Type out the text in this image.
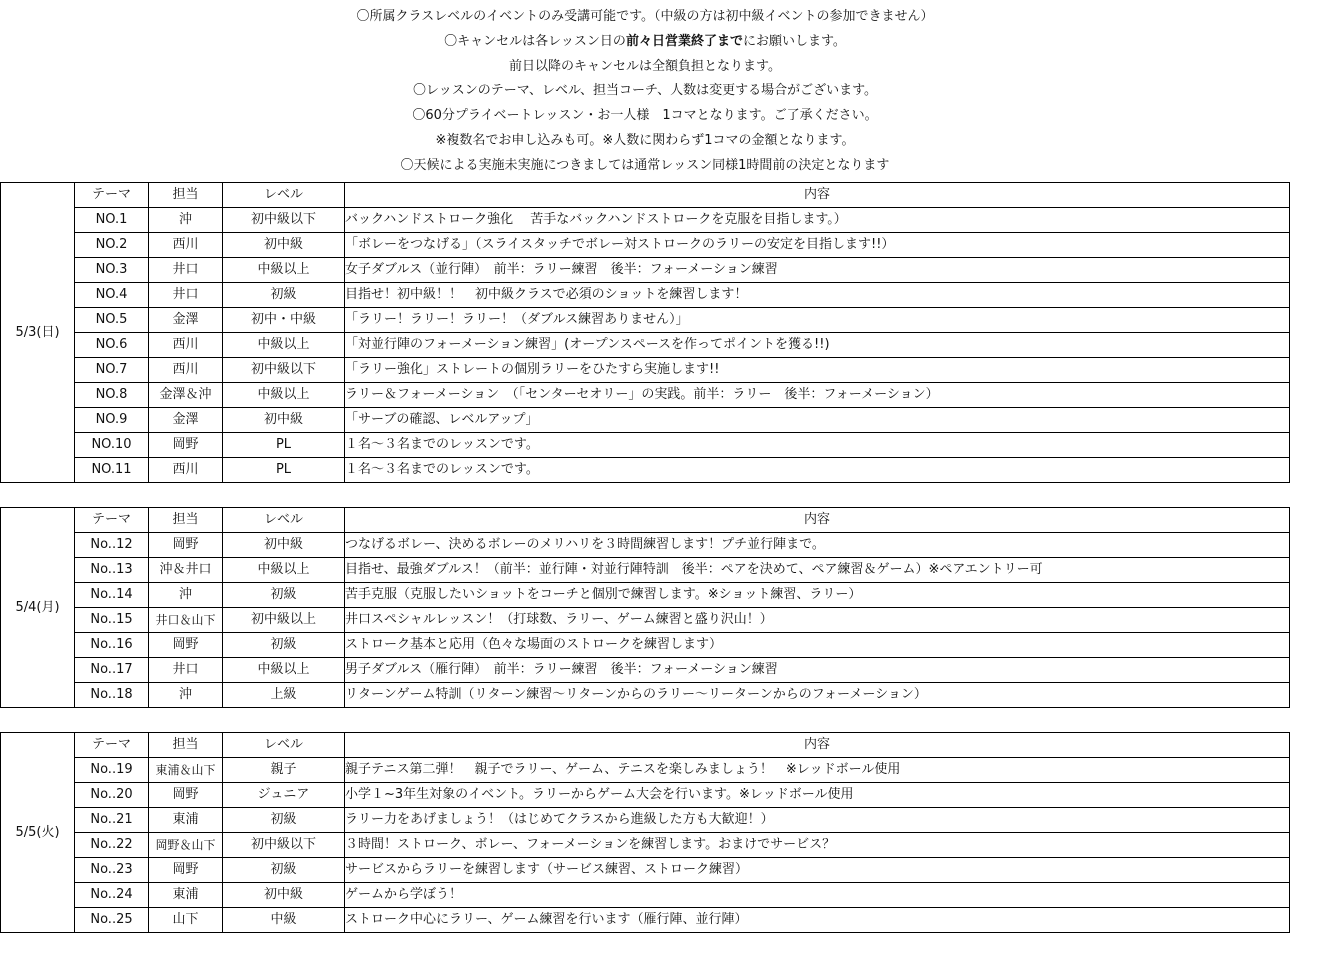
〇所属クラスレベルのイベントのみ受講可能です。（中級の方は初中級イベントの参加できません）
〇キャンセルは各レッスン日の前々日営業終了までにお願いします。
前日以降のキャンセルは全額負担となります。
〇レッスンのテーマ、レベル、担当コーチ、人数は変更する場合がございます。
〇60分プライベートレッスン・お一人様　1コマとなります。ご了承ください。
※複数名でお申し込みも可。※人数に関わらず1コマの金額となります。
〇天候による実施未実施につきましては通常レッスン同様1時間前の決定となります
5/3(日)	テーマ	担当	レベル	内容
	NO.1	沖	初中級以下	バックハンドストローク強化　 苦手なバックハンドストロークを克服を目指します。）
	NO.2	西川	初中級	「ボレーをつなげる」（スライスタッチでボレー対ストロークのラリーの安定を目指します!!）
	NO.3	井口	中級以上	女子ダブルス（並行陣）　前半：ラリー練習　後半：フォーメーション練習
	NO.4	井口	初級	目指せ！初中級！！　初中級クラスで必須のショットを練習します！
	NO.5	金澤	初中・中級	「ラリー！ラリー！ラリー！（ダブルス練習ありません）」
	NO.6	西川	中級以上	「対並行陣のフォーメーション練習」(オープンスペースを作ってポイントを獲る!!)
	NO.7	西川	初中級以下	「ラリー強化」ストレートの個別ラリーをひたすら実施します!!
	NO.8	金澤＆沖	中級以上	ラリー＆フォーメーション　（「センターセオリー」の実践。前半：ラリー　後半：フォーメーション）
	NO.9	金澤	初中級	「サーブの確認、レベルアップ」
	NO.10	岡野	PL	１名～３名までのレッスンです。
	NO.11	西川	PL	１名～３名までのレッスンです。
5/4(月)	テーマ	担当	レベル	内容
	No..12	岡野	初中級	つなげるボレー、決めるボレーのメリハリを３時間練習します！プチ並行陣まで。
	No..13	沖＆井口	中級以上	目指せ、最強ダブルス！（前半：並行陣・対並行陣特訓　後半：ペアを決めて、ペア練習＆ゲーム）※ペアエントリー可
	No..14	沖	初級	苦手克服（克服したいショットをコーチと個別で練習します。※ショット練習、ラリー）
	No..15	井口＆山下	初中級以上	井口スペシャルレッスン！（打球数、ラリー、ゲーム練習と盛り沢山！）
	No..16	岡野	初級	ストローク基本と応用（色々な場面のストロークを練習します）
	No..17	井口	中級以上	男子ダブルス（雁行陣）　前半：ラリー練習　後半：フォーメーション練習
	No..18	沖	上級	リターンゲーム特訓（リターン練習～リターンからのラリー～リーターンからのフォーメーション）
5/5(火)	テーマ	担当	レベル	内容
	No..19	東浦＆山下	親子	親子テニス第二弾！　親子でラリー、ゲーム、テニスを楽しみましょう！　※レッドボール使用
	No..20	岡野	ジュニア	小学１~3年生対象のイベント。ラリーからゲーム大会を行います。※レッドボール使用
	No..21	東浦	初級	ラリー力をあげましょう！（はじめてクラスから進級した方も大歓迎！）
	No..22	岡野＆山下	初中級以下	３時間！ストローク、ボレー、フォーメーションを練習します。おまけでサービス？
	No..23	岡野	初級	サービスからラリーを練習します（サービス練習、ストローク練習）
	No..24	東浦	初中級	ゲームから学ぼう！
	No..25	山下	中級	ストローク中心にラリー、ゲーム練習を行います（雁行陣、並行陣）
